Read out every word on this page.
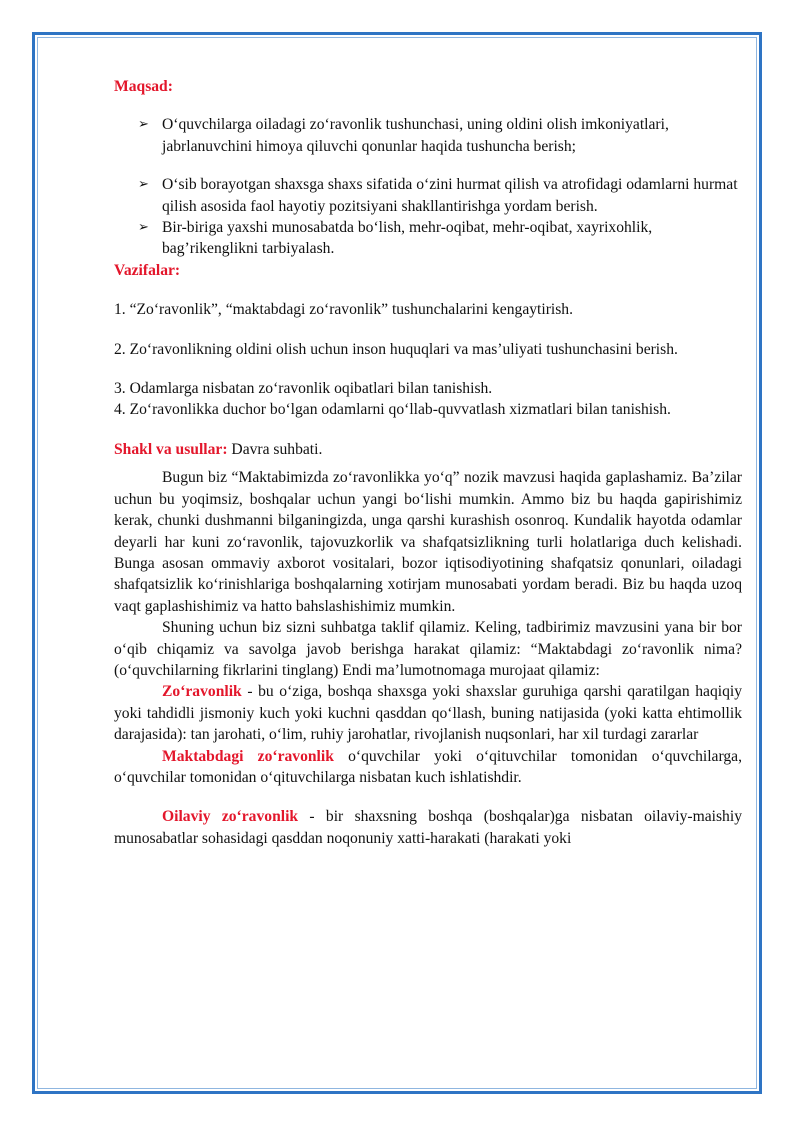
Maqsad:

➢ O‘quvchilarga oiladagi zo‘ravonlik tushunchasi, uning oldini olish imkoniyatlari, jabrlanuvchini himoya qiluvchi qonunlar haqida tushuncha berish;
➢ O‘sib borayotgan shaxsga shaxs sifatida o‘zini hurmat qilish va atrofidagi odamlarni hurmat qilish asosida faol hayotiy pozitsiyani shakllantirishga yordam berish.
➢ Bir-biriga yaxshi munosabatda bo‘lish, mehr-oqibat, mehr-oqibat, xayrixohlik, bag’rikenglikni tarbiyalash.

Vazifalar:

1. “Zo‘ravonlik”, “maktabdagi zo‘ravonlik” tushunchalarini kengaytirish.

2. Zo‘ravonlikning oldini olish uchun inson huquqlari va mas’uliyati tushunchasini berish.

3. Odamlarga nisbatan zo‘ravonlik oqibatlari bilan tanishish.

4. Zo‘ravonlikka duchor bo‘lgan odamlarni qo‘llab-quvvatlash xizmatlari bilan tanishish.

Shakl va usullar: Davra suhbati.

Bugun biz “Maktabimizda zo‘ravonlikka yo‘q” nozik mavzusi haqida gaplashamiz. Ba’zilar uchun bu yoqimsiz, boshqalar uchun yangi bo‘lishi mumkin. Ammo biz bu haqda gapirishimiz kerak, chunki dushmanni bilganingizda, unga qarshi kurashish osonroq. Kundalik hayotda odamlar deyarli har kuni zo‘ravonlik, tajovuzkorlik va shafqatsizlikning turli holatlariga duch kelishadi. Bunga asosan ommaviy axborot vositalari, bozor iqtisodiyotining shafqatsiz qonunlari, oiladagi shafqatsizlik ko‘rinishlariga boshqalarning xotirjam munosabati yordam beradi. Biz bu haqda uzoq vaqt gaplashishimiz va hatto bahslashishimiz mumkin.

Shuning uchun biz sizni suhbatga taklif qilamiz. Keling, tadbirimiz mavzusini yana bir bor o‘qib chiqamiz va savolga javob berishga harakat qilamiz: “Maktabdagi zo‘ravonlik nima? (o‘quvchilarning fikrlarini tinglang) Endi ma’lumotnomaga murojaat qilamiz:

Zo‘ravonlik - bu o‘ziga, boshqa shaxsga yoki shaxslar guruhiga qarshi qaratilgan haqiqiy yoki tahdidli jismoniy kuch yoki kuchni qasddan qo‘llash, buning natijasida (yoki katta ehtimollik darajasida): tan jarohati, o‘lim, ruhiy jarohatlar, rivojlanish nuqsonlari, har xil turdagi zararlar

Maktabdagi zo‘ravonlik o‘quvchilar yoki o‘qituvchilar tomonidan o‘quvchilarga, o‘quvchilar tomonidan o‘qituvchilarga nisbatan kuch ishlatishdir.

Oilaviy zo‘ravonlik - bir shaxsning boshqa (boshqalar)ga nisbatan oilaviy-maishiy munosabatlar sohasidagi qasddan noqonuniy xatti-harakati (harakati yoki
